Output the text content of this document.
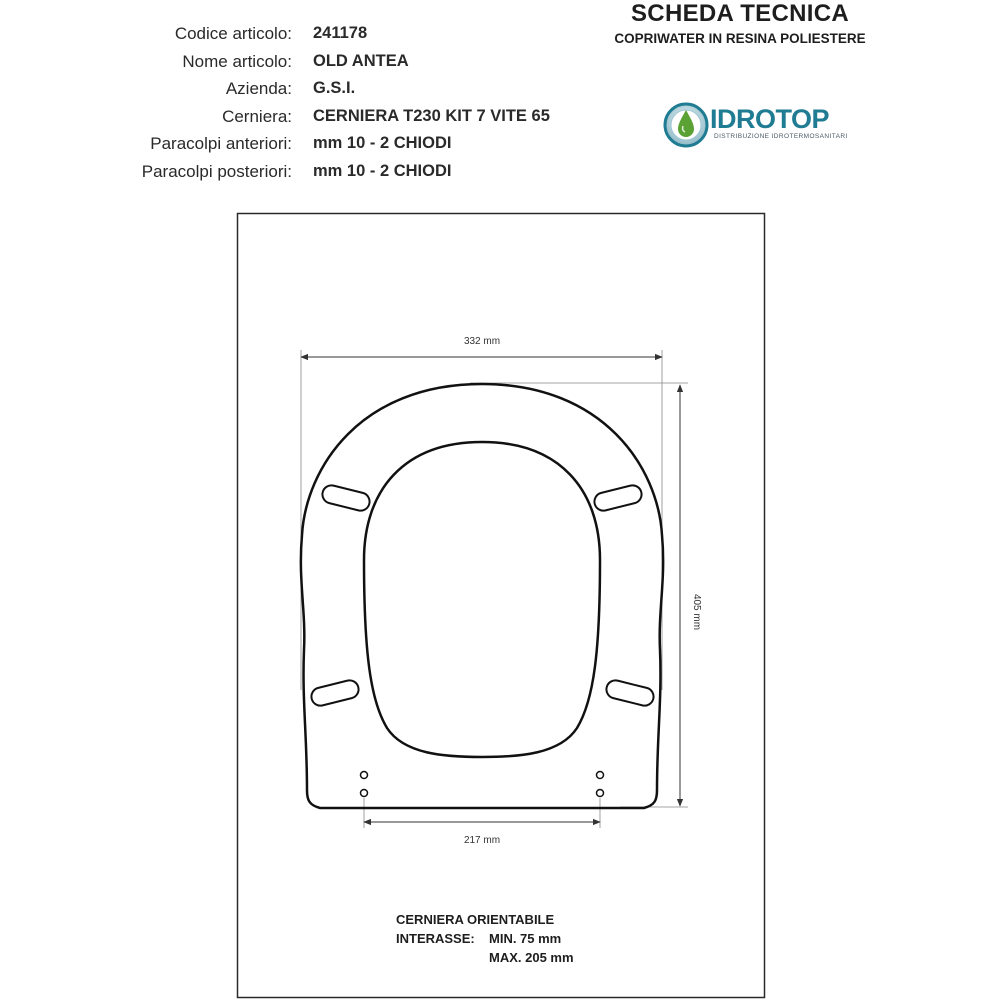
Codice articolo: 241178
Nome articolo: OLD ANTEA
Azienda: G.S.I.
Cerniera: CERNIERA T230 KIT 7 VITE 65
Paracolpi anteriori: mm 10 - 2 CHIODI
Paracolpi posteriori: mm 10 - 2 CHIODI
SCHEDA TECNICA
COPRIWATER IN RESINA POLIESTERE
IDROTOP
DISTRIBUZIONE IDROTERMOSANITARI
332 mm
405 mm
217 mm
CERNIERA ORIENTABILE
INTERASSE: MIN. 75 mm
MAX. 205 mm
